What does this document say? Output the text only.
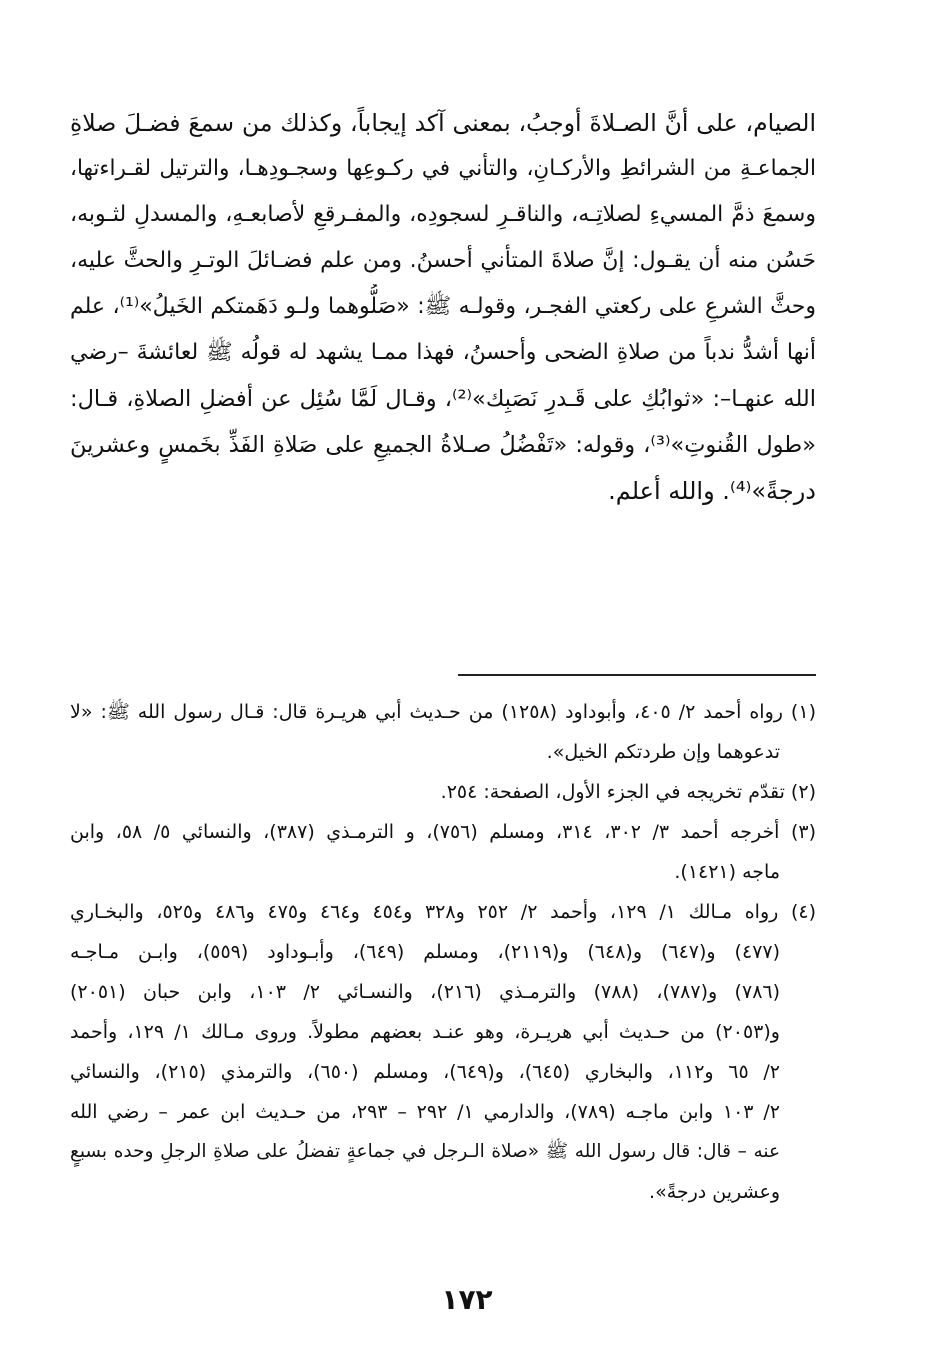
الصيام، على أنَّ الصـلاةَ أوجبُ، بمعنى آكد إيجاباً، وكذلك من سمعَ فضـلَ صلاةِ
الجماعـةِ من الشرائطِ والأركـانِ، والتأني في ركـوعِها وسجـودِهـا، والترتيل لقـراءتها،
وسمعَ ذمَّ المسيءِ لصلاتِـه، والناقـرِ لسجودِه، والمفـرقعِ لأصابعـهِ، والمسدلِ لثـوبه،
حَسُن منه أن يقـول: إنَّ صلاةَ المتأني أحسنُ. ومن علم فضـائلَ الوتـرِ والحثَّ عليه،
وحثَّ الشرعِ على ركعتي الفجـر، وقولـه ﷺ: «صَلُّوهما ولـو دَهَمتكم الخَيلُ»⁽¹⁾، علم
أنها أشدُّ ندباً من صلاةِ الضحى وأحسنُ، فهذا ممـا يشهد له قولُه ﷺ لعائشةَ –رضي
الله عنهـا–: «ثوابُكِ على قَـدرِ نَصَبِك»⁽²⁾، وقـال لَمَّا سُئِل عن أفضلِ الصلاةِ، قـال:
«طول القُنوتِ»⁽³⁾، وقوله: «تَفْضُلُ صـلاةُ الجميعِ على صَلاةِ الفَذِّ بخَمسٍ وعشرينَ
درجةً»⁽⁴⁾. والله أعلم.
(١) رواه أحمد ٢/ ٤٠٥، وأبوداود (١٢٥٨) من حـديث أبي هريـرة قال: قـال رسول الله ﷺ: «لا
تدعوهما وإن طردتكم الخيل».
(٢) تقدّم تخريجه في الجزء الأول، الصفحة: ٢٥٤.
(٣) أخرجه أحمد ٣/ ٣٠٢، ٣١٤، ومسلم (٧٥٦)، و الترمـذي (٣٨٧)، والنسائي ٥/ ٥٨، وابن
ماجه (١٤٢١).
(٤) رواه مـالك ١/ ١٢٩، وأحمد ٢/ ٢٥٢ و٣٢٨ و٤٥٤ و٤٦٤ و٤٧٥ و٤٨٦ و٥٢٥، والبخـاري
(٤٧٧) و(٦٤٧) و(٦٤٨) و(٢١١٩)، ومسلم (٦٤٩)، وأبـوداود (٥٥٩)، وابـن مـاجـه
(٧٨٦) و(٧٨٧)، (٧٨٨) والترمـذي (٢١٦)، والنسـائي ٢/ ١٠٣، وابن حبان (٢٠٥١)
و(٢٠٥٣) من حـديث أبي هريـرة، وهو عنـد بعضهم مطولاً. وروى مـالك ١/ ١٢٩، وأحمد
٢/ ٦٥ و١١٢، والبخاري (٦٤٥)، و(٦٤٩)، ومسلم (٦٥٠)، والترمذي (٢١٥)، والنسائي
٢/ ١٠٣ وابن ماجـه (٧٨٩)، والدارمي ١/ ٢٩٢ – ٢٩٣، من حـديث ابن عمر – رضي الله
عنه – قال: قال رسول الله ﷺ «صلاة الـرجل في جماعةٍ تفضلُ على صلاةِ الرجلِ وحده بسبعٍ
وعشرين درجةً».
١٧٢
